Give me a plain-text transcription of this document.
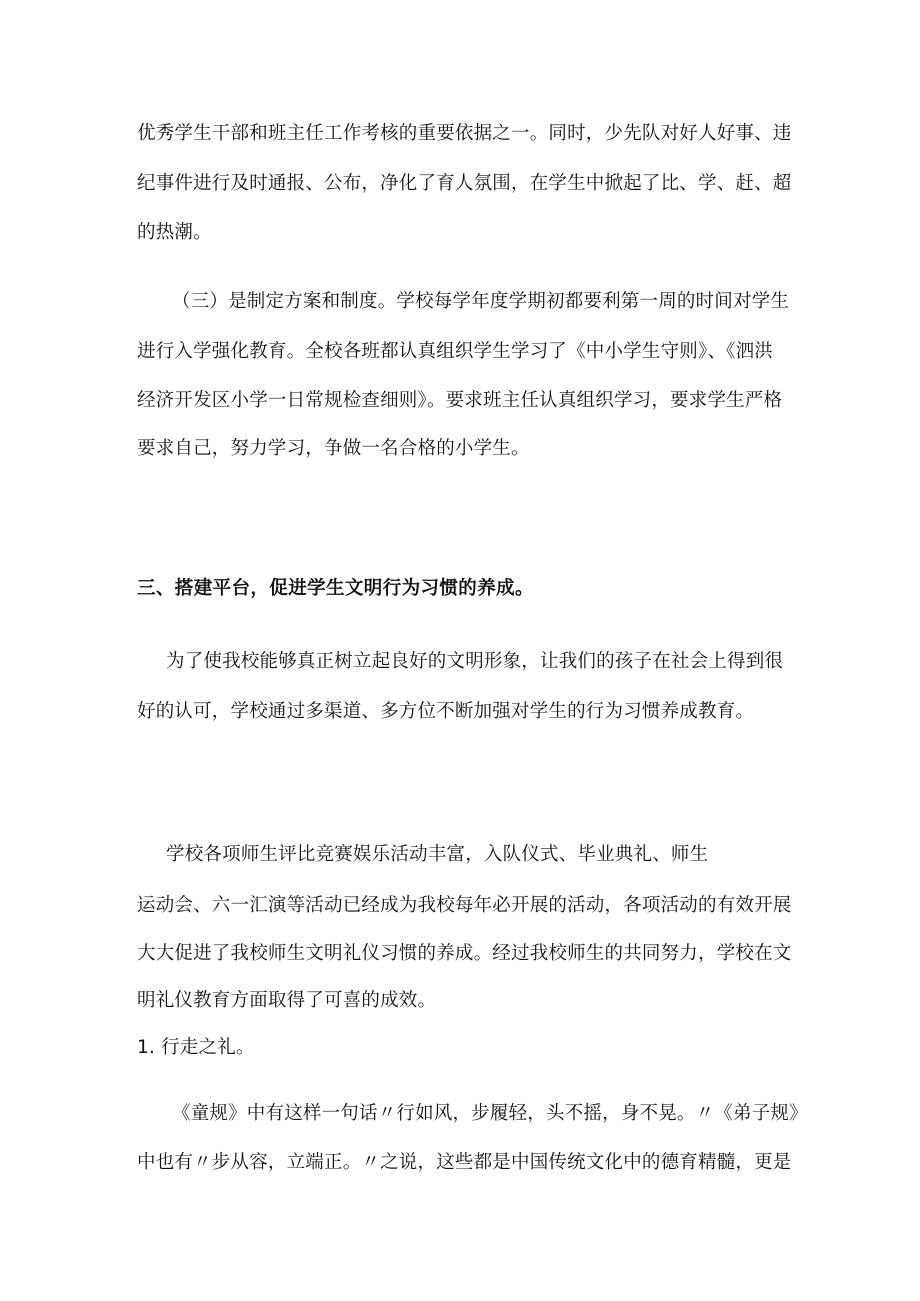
优秀学生干部和班主任工作考核的重要依据之一。同时，少先队对好人好事、违
纪事件进行及时通报、公布，净化了育人氛围，在学生中掀起了比、学、赶、超
的热潮。
（三）是制定方案和制度。学校每学年度学期初都要利第一周的时间对学生
进行入学强化教育。全校各班都认真组织学生学习了《中小学生守则》、《泗洪
经济开发区小学一日常规检查细则》。要求班主任认真组织学习，要求学生严格
要求自己，努力学习，争做一名合格的小学生。
三、搭建平台，促进学生文明行为习惯的养成。
为了使我校能够真正树立起良好的文明形象，让我们的孩子在社会上得到很
好的认可，学校通过多渠道、多方位不断加强对学生的行为习惯养成教育。
学校各项师生评比竞赛娱乐活动丰富，入队仪式、毕业典礼、师生
运动会、六一汇演等活动已经成为我校每年必开展的活动，各项活动的有效开展
大大促进了我校师生文明礼仪习惯的养成。经过我校师生的共同努力，学校在文
明礼仪教育方面取得了可喜的成效。
1. 行走之礼。
《童规》中有这样一句话〃行如风，步履轻，头不摇，身不晃。〃《弟子规》
中也有〃步从容，立端正。〃之说，这些都是中国传统文化中的德育精髓，更是
